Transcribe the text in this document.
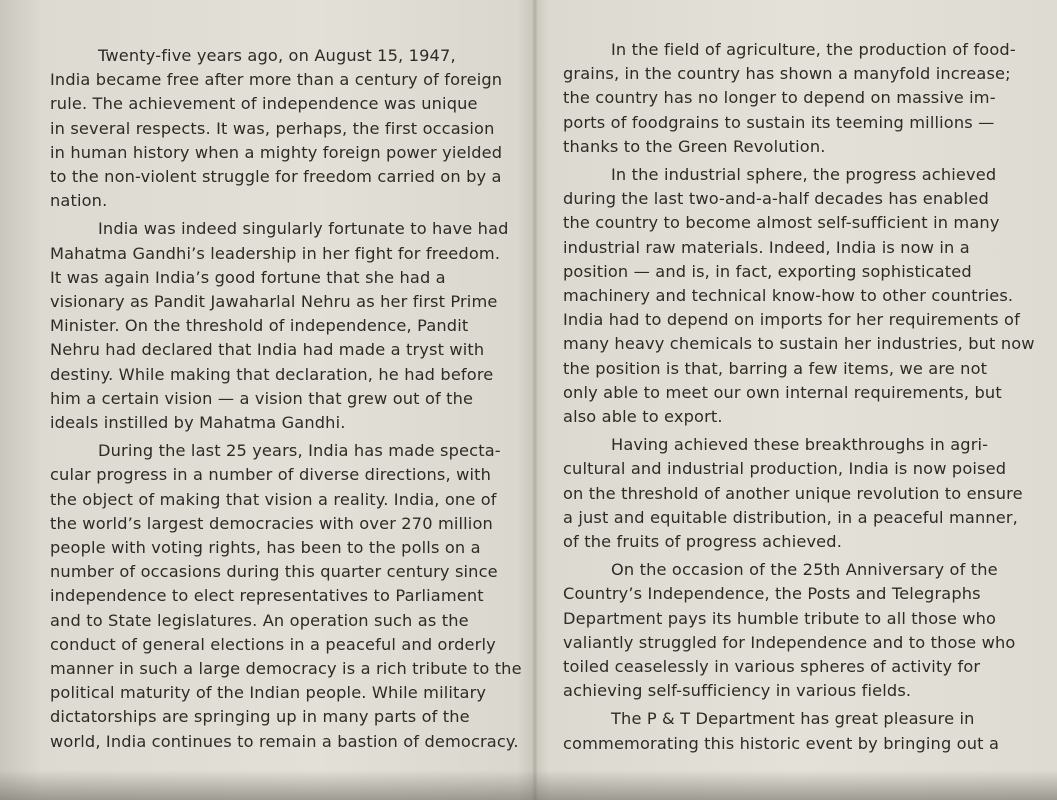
Twenty-five years ago, on August 15, 1947,
India became free after more than a century of foreign
rule. The achievement of independence was unique
in several respects. It was, perhaps, the first occasion
in human history when a mighty foreign power yielded
to the non-violent struggle for freedom carried on by a
nation.

India was indeed singularly fortunate to have had
Mahatma Gandhi’s leadership in her fight for freedom.
It was again India’s good fortune that she had a
visionary as Pandit Jawaharlal Nehru as her first Prime
Minister. On the threshold of independence, Pandit
Nehru had declared that India had made a tryst with
destiny. While making that declaration, he had before
him a certain vision — a vision that grew out of the
ideals instilled by Mahatma Gandhi.

During the last 25 years, India has made specta-
cular progress in a number of diverse directions, with
the object of making that vision a reality. India, one of
the world’s largest democracies with over 270 million
people with voting rights, has been to the polls on a
number of occasions during this quarter century since
independence to elect representatives to Parliament
and to State legislatures. An operation such as the
conduct of general elections in a peaceful and orderly
manner in such a large democracy is a rich tribute to the
political maturity of the Indian people. While military
dictatorships are springing up in many parts of the
world, India continues to remain a bastion of democracy.

In the field of agriculture, the production of food-
grains, in the country has shown a manyfold increase;
the country has no longer to depend on massive im-
ports of foodgrains to sustain its teeming millions —
thanks to the Green Revolution.

In the industrial sphere, the progress achieved
during the last two-and-a-half decades has enabled
the country to become almost self-sufficient in many
industrial raw materials. Indeed, India is now in a
position — and is, in fact, exporting sophisticated
machinery and technical know-how to other countries.
India had to depend on imports for her requirements of
many heavy chemicals to sustain her industries, but now
the position is that, barring a few items, we are not
only able to meet our own internal requirements, but
also able to export.

Having achieved these breakthroughs in agri-
cultural and industrial production, India is now poised
on the threshold of another unique revolution to ensure
a just and equitable distribution, in a peaceful manner,
of the fruits of progress achieved.

On the occasion of the 25th Anniversary of the
Country’s Independence, the Posts and Telegraphs
Department pays its humble tribute to all those who
valiantly struggled for Independence and to those who
toiled ceaselessly in various spheres of activity for
achieving self-sufficiency in various fields.

The P & T Department has great pleasure in
commemorating this historic event by bringing out a
